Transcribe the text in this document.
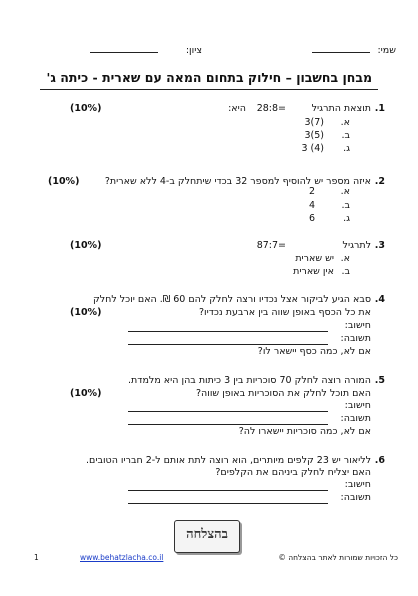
שמי:
ציון:
מבחן בחשבון – חילוק בתחום המאה עם שארית - כיתה ג'
1.
תוצאת התרגיל
28:8=
היא:
(10%)
א.
3(7)
ב.
3(5)
ג.
3 (4)
2.
איזה מספר יש להוסיף למספר 32 בכדי שיתחלק ב-4 ללא שארית?
(10%)
א.
2
ב.
4
ג.
6
3.
לתרגיל
87:7=
(10%)
א.
יש שארית
ב.
אין שארית
4.
סבא הגיע לביקור אצל נכדיו ורצה לחלק להם 60 ₪. האם יוכל לחלק
את כל הכסף באופן שווה בין ארבעת נכדיו?
(10%)
חישוב:
תשובה:
אם לא, כמה כסף יישאר לו?
5.
המורה רוצה לחלק 70 סוכריות בין 3 כיתות בהן היא מלמדת.
האם תוכל לחלק את הסוכריות באופן שווה?
(10%)
חישוב:
תשובה:
אם לא, כמה סוכריות יישארו לה?
6.
לליאור יש 23 קלפים מיותרים, הוא רוצה לתת אותם ל-2 חבריו הטובים.
האם יצליח לחלק ביניהם את הקלפים?
חישוב:
תשובה:
בהצלחה
כל הזכויות שמורות לאתר בהצלחה ©
www.behatzlacha.co.il
1
